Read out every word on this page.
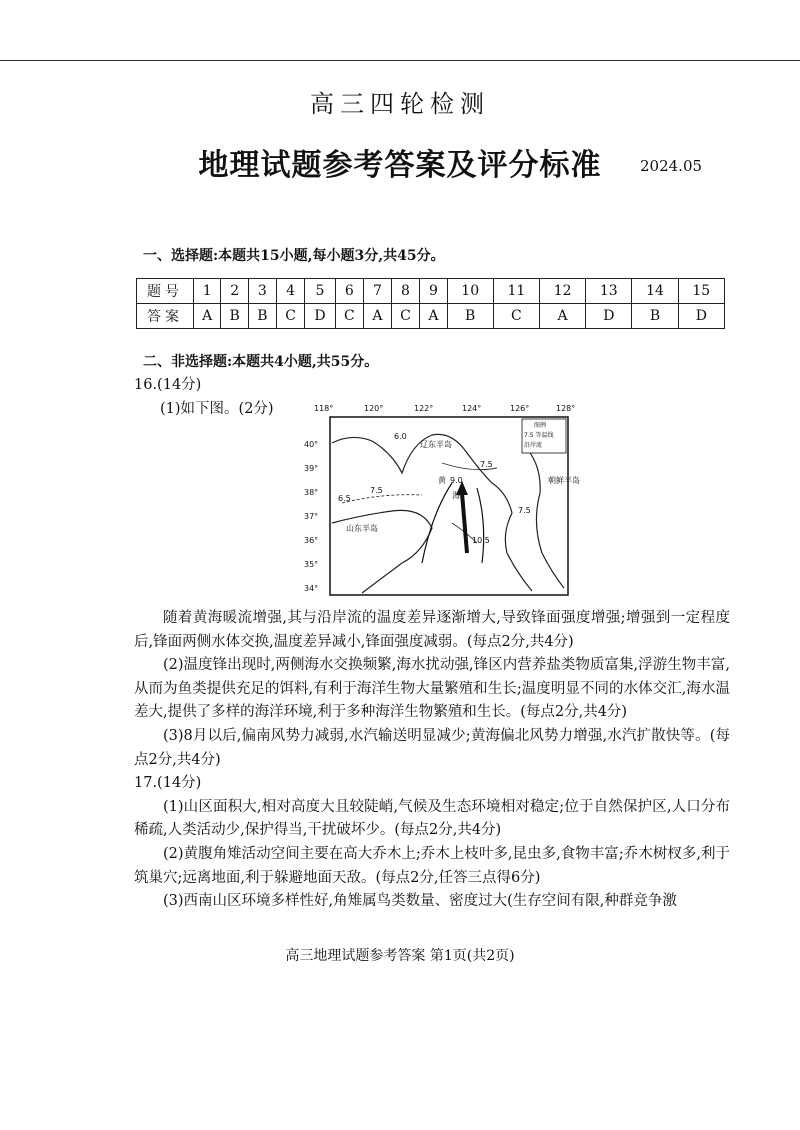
高三四轮检测
地理试题参考答案及评分标准	2024.05
一、选择题:本题共15小题,每小题3分,共45分。
题号	1	2	3	4	5	6	7	8	9	10	11	12	13	14	15
答案	A	B	B	C	D	C	A	C	A	B	C	A	D	B	D
二、非选择题:本题共4小题,共55分。
16.(14分)
(1)如下图。(2分)	118°	120°	122°	124°	126°	128°
40°
39°
38°
37°
36°
35°
34°
图例
7.5 等温线
沿岸流
辽东半岛
山东半岛
朝鲜半岛
黄
海
6.0
7.5
6.5
7.5
9.0
10.5
7.5

随着黄海暖流增强,其与沿岸流的温度差异逐渐增大,导致锋面强度增强;增强到一定程度后,锋面两侧水体交换,温度差异减小,锋面强度减弱。(每点2分,共4分)

(2)温度锋出现时,两侧海水交换频繁,海水扰动强,锋区内营养盐类物质富集,浮游生物丰富,从而为鱼类提供充足的饵料,有利于海洋生物大量繁殖和生长;温度明显不同的水体交汇,海水温差大,提供了多样的海洋环境,利于多种海洋生物繁殖和生长。(每点2分,共4分)

(3)8月以后,偏南风势力减弱,水汽输送明显减少;黄海偏北风势力增强,水汽扩散快等。(每点2分,共4分)

17.(14分)

(1)山区面积大,相对高度大且较陡峭,气候及生态环境相对稳定;位于自然保护区,人口分布稀疏,人类活动少,保护得当,干扰破坏少。(每点2分,共4分)

(2)黄腹角雉活动空间主要在高大乔木上;乔木上枝叶多,昆虫多,食物丰富;乔木树杈多,利于筑巢穴;远离地面,利于躲避地面天敌。(每点2分,任答三点得6分)

(3)西南山区环境多样性好,角雉属鸟类数量、密度过大(生存空间有限,种群竞争激

高三地理试题参考答案 第1页(共2页)
